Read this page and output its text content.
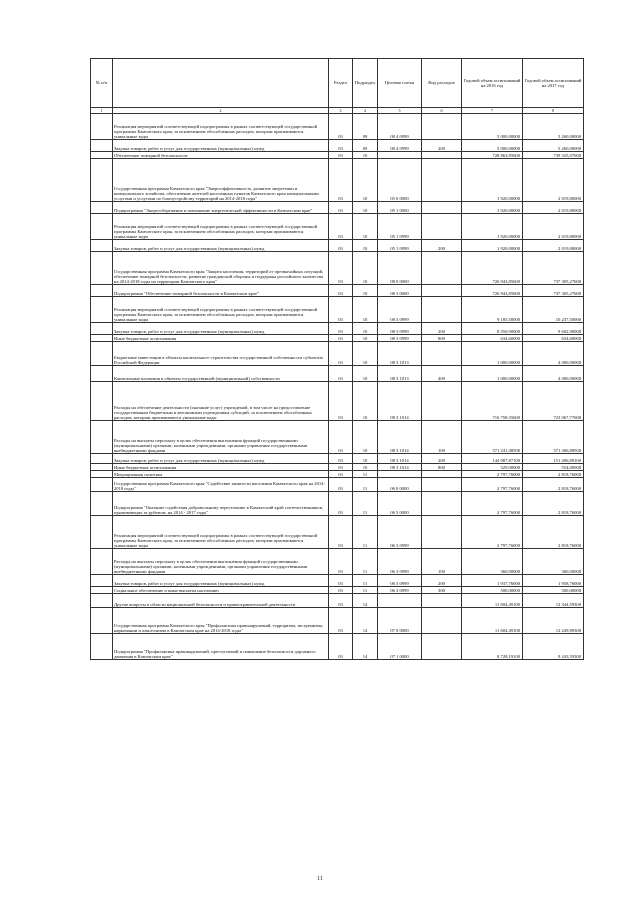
№ п/п		Раздел	Подраздел	Целевая статья	Вид расходов	Годовой объем ассигнований на 2016 год	Годовой объем ассигнований на 2017 год
1	2	3	4	5	6	7	8
	Реализация мероприятий соответствующей подпрограммы в рамках соответствующей государственной программы Камчатского края, за исключением обособленных расходов, которым присваиваются уникальные коды	03	09	08 4 0999		5 000,00000	5 260,00000
	Закупка товаров, работ и услуг для государственных (муниципальных) нужд	03	09	08 4 0999	200	5 000,00000	5 260,00000
	Обеспечение пожарной безопасности	03	10			728 863,85600	739 325,07600
	Государственная программа Камчатского края "Энергоэффективность, развитие энергетики и коммунального хозяйства, обеспечение жителей населенных пунктов Камчатского края коммунальными услугами и услугами по благоустройству территорий на 2014-2018 годы"	03	10	05 0 0000		1 920,00000	2 019,80000
	Подпрограмма "Энергосбережение и повышение энергетической эффективности в Камчатском крае"	03	10	05 1 0000		1 920,00000	2 019,80000
	Реализация мероприятий соответствующей подпрограммы в рамках соответствующей государственной программы Камчатского края, за исключением обособленных расходов, которым присваиваются уникальные коды	03	10	05 1 0999		1 920,00000	2 019,80000
	Закупка товаров, работ и услуг для государственных (муниципальных) нужд	03	10	05 1 0999	200	1 920,00000	2 019,80000
	Государственная программа Камчатского края "Защита населения, территорий от чрезвычайных ситуаций, обеспечение пожарной безопасности, развитие гражданской обороны и поддержка российского казачества на 2014-2018 годы на территории Камчатского края"	03	10	08 0 0000		726 943,85600	737 305,27600
	Подпрограмма "Обеспечение пожарной безопасности в Камчатском крае"	03	10	08 3 0000		726 943,85600	737 305,27600
	Реализация мероприятий соответствующей подпрограммы в рамках соответствующей государственной программы Камчатского края, за исключением обособленных расходов, которым присваиваются уникальные коды	03	10	08 3 0999		9 185,50000	10 237,50000
	Закупка товаров, работ и услуг для государственных (муниципальных) нужд	03	10	08 3 0999	200	8 550,90000	9 602,90000
	Иные бюджетные ассигнования	03	10	08 3 0999	800	634,60000	634,60000
	Бюджетные инвестиции в объекты капитального строительства государственной собственности субъектов Российской Федерации	03	10	08 3 1013		1 000,00000	4 000,00000
	Капитальные вложения в объекты государственной (муниципальной) собственности	03	10	08 3 1013	400	1 000,00000	4 000,00000
	Расходы на обеспечение деятельности (оказание услуг) учреждений, в том числе на предоставление государственным бюджетным и автономным учреждениям субсидий, за исключением обособленных расходов, которым присваиваются уникальные коды	03	10	08 3 1014		716 758,35600	723 067,77600
	Расходы на выплаты персоналу в целях обеспечения выполнения функций государственными (муниципальными) органами, казенными учреждениями, органами управления государственными внебюджетными фондами	03	10	08 3 1014	100	571 241,48500	571 306,88500
	Закупка товаров, работ и услуг для государственных (муниципальных) нужд	03	10	08 3 1014	200	144 987,87100	151 206,89100
	Иные бюджетные ассигнования	03	10	08 3 1014	800	529,00000	554,00000
	Миграционная политика	03	11			2 797,76000	2 818,76000
	Государственная программа Камчатского края "Содействие занятости населения Камчатского края на 2014-2018 годы"	03	11	06 0 0000		2 797,76000	2 818,76000
	Подпрограмма "Оказание содействия добровольному переселению в Камчатский край соотечественников, проживающих за рубежом, на 2014 - 2017 годы"	03	11	06 3 0000		2 797,76000	2 818,76000
	Реализация мероприятий соответствующей подпрограммы в рамках соответствующей государственной программы Камчатского края, за исключением обособленных расходов, которым присваиваются уникальные коды	03	11	06 3 0999		2 797,76000	2 818,76000
	Расходы на выплаты персоналу в целях обеспечения выполнения функций государственными (муниципальными) органами, казенными учреждениями, органами управления государственными внебюджетными фондами	03	11	06 3 0999	100	360,00000	360,00000
	Закупка товаров, работ и услуг для государственных (муниципальных) нужд	03	11	06 3 0999	200	1 937,76000	1 958,76000
	Социальное обеспечение и иные выплаты населению	03	11	06 3 0999	300	500,00000	500,00000
	Другие вопросы в области национальной безопасности и правоохранительной деятельности	03	14			11 694,49100	12 344,59300
	Государственная программа Камчатского края "Профилактика правонарушений, терроризма, экстремизма, наркомании и алкоголизма в Камчатском крае на 2014-2018 годы"	03	14	07 0 0000		11 604,49100	12 249,89300
	Подпрограмма "Профилактика правонарушений, преступлений и повышение безопасности дорожного движения в Камчатском крае"	03	14	07 1 0000		8 728,19100	9 243,59300
11
